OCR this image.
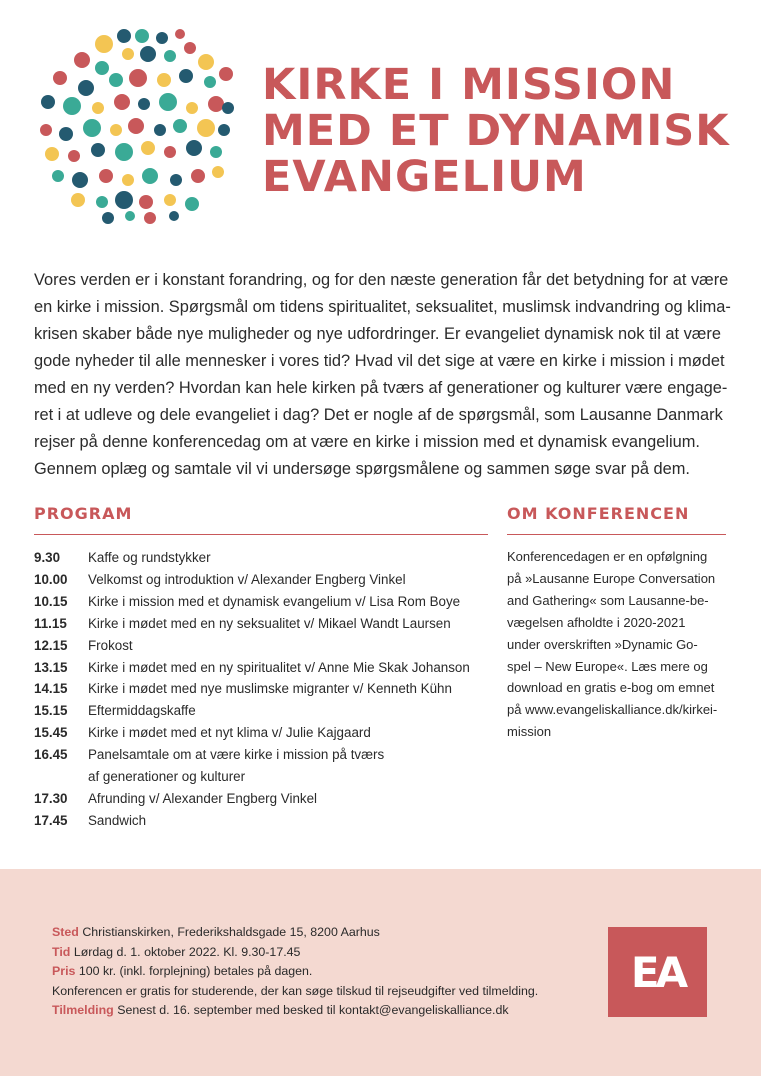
KIRKE I MISSION
MED ET DYNAMISK
EVANGELIUM
Vores verden er i konstant forandring, og for den næste generation får det betydning for at være
en kirke i mission. Spørgsmål om tidens spiritualitet, seksualitet, muslimsk indvandring og klima-
krisen skaber både nye muligheder og nye udfordringer. Er evangeliet dynamisk nok til at være
gode nyheder til alle mennesker i vores tid? Hvad vil det sige at være en kirke i mission i mødet
med en ny verden? Hvordan kan hele kirken på tværs af generationer og kulturer være engage-
ret i at udleve og dele evangeliet i dag? Det er nogle af de spørgsmål, som Lausanne Danmark
rejser på denne konferencedag om at være en kirke i mission med et dynamisk evangelium.
Gennem oplæg og samtale vil vi undersøge spørgsmålene og sammen søge svar på dem.
PROGRAM	OM KONFERENCEN
9.30	Kaffe og rundstykker
10.00	Velkomst og introduktion v/ Alexander Engberg Vinkel
10.15	Kirke i mission med et dynamisk evangelium v/ Lisa Rom Boye
11.15	Kirke i mødet med en ny seksualitet v/ Mikael Wandt Laursen
12.15	Frokost
13.15	Kirke i mødet med en ny spiritualitet v/ Anne Mie Skak Johanson
14.15	Kirke i mødet med nye muslimske migranter v/ Kenneth Kühn
15.15	Eftermiddagskaffe
15.45	Kirke i mødet med et nyt klima v/ Julie Kajgaard
16.45	Panelsamtale om at være kirke i mission på tværs
af generationer og kulturer
17.30	Afrunding v/ Alexander Engberg Vinkel
17.45	Sandwich
Konferencedagen er en opfølgning
på »Lausanne Europe Conversation
and Gathering« som Lausanne-be-
vægelsen afholdte i 2020-2021
under overskriften »Dynamic Go-
spel – New Europe«. Læs mere og
download en gratis e-bog om emnet
på www.evangeliskalliance.dk/kirkei-
mission
Sted Christianskirken, Frederikshaldsgade 15, 8200 Aarhus
Tid Lørdag d. 1. oktober 2022. Kl. 9.30-17.45
Pris 100 kr. (inkl. forplejning) betales på dagen.
Konferencen er gratis for studerende, der kan søge tilskud til rejseudgifter ved tilmelding.
Tilmelding Senest d. 16. september med besked til kontakt@evangeliskalliance.dk
EA
